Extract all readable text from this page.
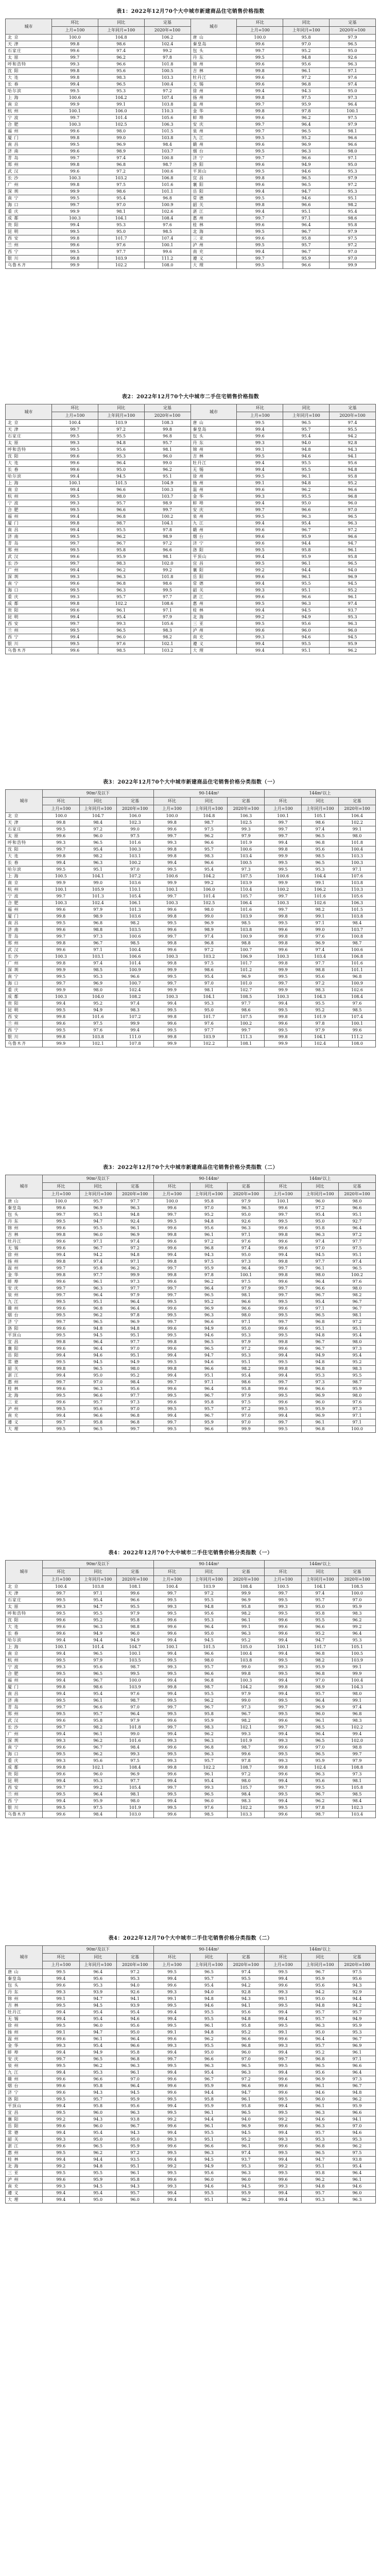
表1：2022年12月70个大中城市新建商品住宅销售价格指数
城市	环比	同比	定基	城市	环比	同比	定基
	上月=100	上年同月=100	2020年=100		上月=100	上年同月=100	2020年=100
北 京	100.0	104.8	106.2	唐 山	100.0	95.8	97.9
天 津	99.8	98.6	102.4	秦皇岛	99.6	97.0	96.5
石家庄	99.6	97.4	99.2	包 头	99.7	95.2	95.0
太 原	99.7	96.2	97.8	丹 东	99.5	94.8	92.6
呼和浩特	99.3	96.6	101.8	锦 州	99.6	95.6	96.3
沈 阳	99.8	95.6	100.5	吉 林	99.8	96.1	97.1
大 连	99.8	98.3	103.3	牡丹江	99.6	97.2	97.6
长 春	99.4	96.5	100.4	无 锡	99.6	96.8	97.4
哈尔滨	99.5	95.3	97.2	徐 州	99.4	94.3	95.0
上 海	100.6	104.2	107.4	扬 州	99.8	97.5	97.3
南 京	99.9	99.1	103.8	温 州	99.7	95.9	96.4
杭 州	100.1	106.0	110.3	金 华	99.8	97.8	100.1
宁 波	99.7	101.4	105.6	蚌 埠	99.6	96.2	97.5
合 肥	100.3	102.5	106.3	安 庆	99.7	96.4	97.9
福 州	99.6	98.0	101.5	泉 州	99.7	96.5	98.1
厦 门	99.8	99.0	103.8	九 江	99.5	95.2	96.6
南 昌	99.5	96.9	98.4	赣 州	99.6	96.9	96.6
济 南	99.6	98.9	103.7	烟 台	99.5	96.3	98.0
青 岛	99.7	97.4	100.8	济 宁	99.7	96.6	97.1
郑 州	99.8	96.8	98.7	洛 阳	99.6	94.9	95.0
武 汉	99.6	97.2	100.6	平顶山	99.5	94.6	95.3
长 沙	100.3	103.2	106.8	宜 昌	99.8	96.5	97.9
广 州	99.8	97.5	101.6	襄 阳	99.6	96.5	97.2
深 圳	99.9	98.6	101.1	岳 阳	99.4	94.7	95.3
南 宁	99.5	95.4	96.8	常 德	99.5	94.6	95.1
海 口	99.7	97.0	100.9	韶 关	99.8	96.6	98.2
重 庆	99.9	98.1	102.6	湛 江	99.4	95.1	95.4
成 都	100.3	104.1	108.4	惠 州	99.7	97.1	98.6
贵 阳	99.4	95.3	97.6	桂 林	99.6	96.4	95.8
昆 明	99.5	95.0	98.5	北 海	99.5	96.7	97.9
西 安	99.8	101.7	107.4	三 亚	99.6	95.8	97.5
兰 州	99.6	97.6	100.1	泸 州	99.5	95.7	97.2
西 宁	99.5	97.7	99.6	南 充	99.4	96.7	97.0
银 川	99.8	103.9	111.2	遵 义	99.7	95.9	97.0
乌鲁木齐	99.9	102.2	108.0	大 理	99.5	96.6	99.9
表2：2022年12月70个大中城市二手住宅销售价格指数
城市	环比	同比	定基	城市	环比	同比	定基
	上月=100	上年同月=100	2020年=100		上月=100	上年同月=100	2020年=100
北 京	100.4	103.9	108.3	唐 山	99.5	96.5	97.4
天 津	99.7	97.2	99.8	秦皇岛	99.4	95.7	95.5
石家庄	99.5	95.5	96.8	包 头	99.6	95.4	94.2
太 原	99.3	94.8	95.7	丹 东	99.3	94.0	92.8
呼和浩特	99.5	95.6	98.1	锦 州	99.1	94.8	94.3
沈 阳	99.6	95.3	96.0	吉 林	99.5	94.6	94.1
大 连	99.6	96.4	99.0	牡丹江	99.4	95.5	95.6
长 春	99.6	95.0	96.2	无 锡	99.4	95.5	94.8
哈尔滨	99.4	94.5	95.1	徐 州	99.5	96.1	95.8
上 海	100.1	101.5	104.9	扬 州	99.1	94.8	95.2
南 京	99.4	96.6	100.3	温 州	99.6	96.2	96.6
杭 州	99.5	98.0	103.7	金 华	99.3	95.5	96.8
宁 波	99.3	95.7	98.9	蚌 埠	99.4	95.0	96.0
合 肥	99.5	96.6	99.7	安 庆	99.7	96.6	97.0
福 州	99.4	96.8	100.2	泉 州	99.5	96.3	96.5
厦 门	99.8	98.7	104.1	九 江	99.4	95.4	96.3
南 昌	99.4	95.5	97.8	赣 州	99.6	96.7	97.2
济 南	99.5	96.2	98.9	烟 台	99.6	95.9	96.6
青 岛	99.7	96.7	97.2	济 宁	99.6	94.4	94.7
郑 州	99.5	95.8	96.6	洛 阳	99.5	95.8	96.1
武 汉	99.6	95.9	98.1	平顶山	99.4	95.9	95.8
长 沙	99.7	98.3	102.0	宜 昌	99.5	96.1	96.5
广 州	99.4	96.2	99.2	襄 阳	99.2	94.4	94.0
深 圳	99.3	96.3	101.8	岳 阳	99.6	96.1	96.9
南 宁	99.6	96.8	98.6	常 德	99.4	95.5	94.5
海 口	99.5	96.3	99.5	韶 关	99.3	95.1	95.2
重 庆	99.3	95.7	97.7	湛 江	99.6	96.6	96.1
成 都	99.8	102.2	108.6	惠 州	99.5	96.3	97.4
贵 阳	99.6	96.1	97.1	桂 林	99.4	94.5	93.7
昆 明	99.4	95.4	97.9	北 海	99.2	94.9	95.3
西 安	99.7	99.3	105.6	三 亚	99.5	95.6	96.3
兰 州	99.5	96.5	98.3	泸 州	99.6	96.0	96.0
西 宁	99.4	96.0	98.2	南 充	99.3	94.6	94.5
银 川	99.5	97.6	102.1	遵 义	99.4	95.5	95.9
乌鲁木齐	99.6	98.5	103.2	大 理	99.4	95.1	96.2
表3：2022年12月70个大中城市新建商品住宅销售价格分类指数（一）
城市	90m²及以下			90-144m²			144m²以上		
	环比	同比	定基	环比	同比	定基	环比	同比	定基
	上月=100	上年同月=100	2020年=100	上月=100	上年同月=100	2020年=100	上月=100	上年同月=100	2020年=100
北 京	100.0	104.7	106.0	100.0	104.8	106.3	100.1	105.1	106.4
天 津	99.8	98.4	102.3	99.8	98.7	102.5	99.7	98.6	102.2
石家庄	99.5	97.2	99.0	99.6	97.5	99.3	99.7	97.4	99.1
太 原	99.6	96.0	97.5	99.7	96.2	97.9	99.7	96.5	98.0
呼和浩特	99.3	96.5	101.6	99.3	96.6	101.9	99.4	96.8	101.8
沈 阳	99.7	95.4	100.3	99.8	95.7	100.6	99.8	95.6	100.4
大 连	99.8	98.2	103.1	99.8	98.3	103.4	99.9	98.5	103.3
长 春	99.4	96.3	100.2	99.4	96.6	100.5	99.5	96.5	100.3
哈尔滨	99.5	95.1	97.0	99.5	95.4	97.3	99.5	95.3	97.1
上 海	100.5	104.1	107.2	100.6	104.2	107.5	100.6	104.4	107.6
南 京	99.9	99.0	103.6	99.9	99.2	103.9	99.9	99.1	103.8
杭 州	100.1	105.9	110.1	100.1	106.0	110.4	100.2	106.2	110.3
宁 波	99.7	101.3	105.4	99.7	101.4	105.7	99.7	101.6	105.6
合 肥	100.3	102.4	106.1	100.3	102.5	106.4	100.3	102.6	106.3
福 州	99.6	97.9	101.3	99.6	98.0	101.6	99.7	98.2	101.5
厦 门	99.8	98.9	103.6	99.8	99.0	103.9	99.8	99.1	103.8
南 昌	99.5	96.8	98.2	99.5	96.9	98.5	99.5	97.1	98.4
济 南	99.6	98.8	103.5	99.6	98.9	103.8	99.6	99.0	103.7
青 岛	99.7	97.3	100.6	99.7	97.4	100.9	99.8	97.6	100.8
郑 州	99.8	96.7	98.5	99.8	96.8	98.8	99.8	96.9	98.7
武 汉	99.6	97.1	100.4	99.6	97.2	100.7	99.6	97.4	100.6
长 沙	100.3	103.1	106.6	100.3	103.2	106.9	100.3	103.4	106.8
广 州	99.8	97.4	101.4	99.8	97.5	101.7	99.8	97.7	101.6
深 圳	99.9	98.5	100.9	99.9	98.6	101.2	99.9	98.8	101.1
南 宁	99.5	95.3	96.6	99.5	95.4	96.9	99.5	95.6	96.8
海 口	99.7	96.9	100.7	99.7	97.0	101.0	99.7	97.2	100.9
重 庆	99.9	98.0	102.4	99.9	98.1	102.7	99.9	98.3	102.6
成 都	100.3	104.0	108.2	100.3	104.1	108.5	100.3	104.3	108.4
贵 阳	99.4	95.2	97.4	99.4	95.3	97.7	99.4	95.5	97.6
昆 明	99.5	94.9	98.3	99.5	95.0	98.6	99.5	95.2	98.5
西 安	99.8	101.6	107.2	99.8	101.7	107.5	99.8	101.9	107.4
兰 州	99.6	97.5	99.9	99.6	97.6	100.2	99.6	97.8	100.1
西 宁	99.5	97.6	99.4	99.5	97.7	99.7	99.5	97.9	99.6
银 川	99.8	103.8	111.0	99.8	103.9	111.3	99.8	104.1	111.2
乌鲁木齐	99.9	102.1	107.8	99.9	102.2	108.1	99.9	102.4	108.0
表3：2022年12月70个大中城市新建商品住宅销售价格分类指数（二）
城市	90m²及以下			90-144m²			144m²以上		
	环比	同比	定基	环比	同比	定基	环比	同比	定基
	上月=100	上年同月=100	2020年=100	上月=100	上年同月=100	2020年=100	上月=100	上年同月=100	2020年=100
唐 山	100.0	95.7	97.7	100.0	95.8	97.9	100.1	96.0	98.0
秦皇岛	99.6	96.9	96.3	99.6	97.0	96.5	99.6	97.2	96.6
包 头	99.7	95.1	94.8	99.7	95.2	95.0	99.7	95.4	95.1
丹 东	99.5	94.7	92.4	99.5	94.8	92.6	99.5	95.0	92.7
锦 州	99.6	95.5	96.1	99.6	95.6	96.3	99.6	95.8	96.4
吉 林	99.8	96.0	96.9	99.8	96.1	97.1	99.8	96.3	97.2
牡丹江	99.6	97.1	97.4	99.6	97.2	97.6	99.6	97.4	97.7
无 锡	99.6	96.7	97.2	99.6	96.8	97.4	99.6	97.0	97.5
徐 州	99.4	94.2	94.8	99.4	94.3	95.0	99.4	94.5	95.1
扬 州	99.8	97.4	97.1	99.8	97.5	97.3	99.8	97.7	97.4
温 州	99.7	95.8	96.2	99.7	95.9	96.4	99.7	96.1	96.5
金 华	99.8	97.7	99.9	99.8	97.8	100.1	99.8	98.0	100.2
蚌 埠	99.6	96.1	97.3	99.6	96.2	97.5	99.6	96.4	97.6
安 庆	99.7	96.3	97.7	99.7	96.4	97.9	99.7	96.6	98.0
泉 州	99.7	96.4	97.9	99.7	96.5	98.1	99.7	96.7	98.2
九 江	99.5	95.1	96.4	99.5	95.2	96.6	99.5	95.4	96.7
赣 州	99.6	96.8	96.4	99.6	96.9	96.6	99.6	97.1	96.7
烟 台	99.5	96.2	97.8	99.5	96.3	98.0	99.5	96.5	98.1
济 宁	99.7	96.5	96.9	99.7	96.6	97.1	99.7	96.8	97.2
洛 阳	99.6	94.8	94.8	99.6	94.9	95.0	99.6	95.1	95.1
平顶山	99.5	94.5	95.1	99.5	94.6	95.3	99.5	94.8	95.4
宜 昌	99.8	96.4	97.7	99.8	96.5	97.9	99.8	96.7	98.0
襄 阳	99.6	96.4	97.0	99.6	96.5	97.2	99.6	96.7	97.3
岳 阳	99.4	94.6	95.1	99.4	94.7	95.3	99.4	94.9	95.4
常 德	99.5	94.5	94.9	99.5	94.6	95.1	99.5	94.8	95.2
韶 关	99.8	96.5	98.0	99.8	96.6	98.2	99.8	96.8	98.3
湛 江	99.4	95.0	95.2	99.4	95.1	95.4	99.4	95.3	95.5
惠 州	99.7	97.0	98.4	99.7	97.1	98.6	99.7	97.3	98.7
桂 林	99.6	96.3	95.6	99.6	96.4	95.8	99.6	96.6	95.9
北 海	99.5	96.6	97.7	99.5	96.7	97.9	99.5	96.9	98.0
三 亚	99.6	95.7	97.3	99.6	95.8	97.5	99.6	96.0	97.6
泸 州	99.5	95.6	97.0	99.5	95.7	97.2	99.5	95.9	97.3
南 充	99.4	96.6	96.8	99.4	96.7	97.0	99.4	96.9	97.1
遵 义	99.7	95.8	96.8	99.7	95.9	97.0	99.7	96.1	97.1
大 理	99.5	96.5	99.7	99.5	96.6	99.9	99.5	96.8	100.0
表4：2022年12月70个大中城市二手住宅销售价格分类指数（一）
城市	90m²及以下			90-144m²			144m²以上		
	环比	同比	定基	环比	同比	定基	环比	同比	定基
	上月=100	上年同月=100	2020年=100	上月=100	上年同月=100	2020年=100	上月=100	上年同月=100	2020年=100
北 京	100.4	103.8	108.1	100.4	103.9	108.4	100.5	104.1	108.5
天 津	99.7	97.1	99.6	99.7	97.2	99.9	99.7	97.4	100.0
石家庄	99.5	95.4	96.6	99.5	95.5	96.9	99.5	95.7	97.0
太 原	99.3	94.7	95.5	99.3	94.8	95.8	99.3	95.0	95.9
呼和浩特	99.5	95.5	97.9	99.5	95.6	98.2	99.5	95.8	98.3
沈 阳	99.6	95.2	95.8	99.6	95.3	96.1	99.6	95.5	96.2
大 连	99.6	96.3	98.8	99.6	96.4	99.1	99.6	96.6	99.2
长 春	99.6	94.9	96.0	99.6	95.0	96.3	99.6	95.2	96.4
哈尔滨	99.4	94.4	94.9	99.4	94.5	95.2	99.4	94.7	95.3
上 海	100.1	101.4	104.7	100.1	101.5	105.0	100.1	101.7	105.1
南 京	99.4	96.5	100.1	99.4	96.6	100.4	99.4	96.8	100.5
杭 州	99.5	97.9	103.5	99.5	98.0	103.8	99.5	98.2	103.9
宁 波	99.3	95.6	98.7	99.3	95.7	99.0	99.3	95.9	99.1
合 肥	99.5	96.5	99.5	99.5	96.6	99.8	99.5	96.8	99.9
福 州	99.4	96.7	100.0	99.4	96.8	100.3	99.4	97.0	100.4
厦 门	99.8	98.6	103.9	99.8	98.7	104.2	99.8	98.9	104.3
南 昌	99.4	95.4	97.6	99.4	95.5	97.9	99.4	95.7	98.0
济 南	99.5	96.1	98.7	99.5	96.2	99.0	99.5	96.4	99.1
青 岛	99.7	96.6	97.0	99.7	96.7	97.3	99.7	96.9	97.4
郑 州	99.5	95.7	96.4	99.5	95.8	96.7	99.5	96.0	96.8
武 汉	99.6	95.8	97.9	99.6	95.9	98.2	99.6	96.1	98.3
长 沙	99.7	98.2	101.8	99.7	98.3	102.1	99.7	98.5	102.2
广 州	99.4	96.1	99.0	99.4	96.2	99.3	99.4	96.4	99.4
深 圳	99.3	96.2	101.6	99.3	96.3	101.9	99.3	96.5	102.0
南 宁	99.6	96.7	98.4	99.6	96.8	98.7	99.6	97.0	98.8
海 口	99.5	96.2	99.3	99.5	96.3	99.6	99.5	96.5	99.7
重 庆	99.3	95.6	97.5	99.3	95.7	97.8	99.3	95.9	97.9
成 都	99.8	102.1	108.4	99.8	102.2	108.7	99.8	102.4	108.8
贵 阳	99.6	96.0	96.9	99.6	96.1	97.2	99.6	96.3	97.3
昆 明	99.4	95.3	97.7	99.4	95.4	98.0	99.4	95.6	98.1
西 安	99.7	99.2	105.4	99.7	99.3	105.7	99.7	99.5	105.8
兰 州	99.5	96.4	98.1	99.5	96.5	98.4	99.5	96.7	98.5
西 宁	99.4	95.9	98.0	99.4	96.0	98.3	99.4	96.2	98.4
银 川	99.5	97.5	101.9	99.5	97.6	102.2	99.5	97.8	102.3
乌鲁木齐	99.6	98.4	103.0	99.6	98.5	103.3	99.6	98.7	103.4
表4：2022年12月70个大中城市二手住宅销售价格分类指数（二）
城市	90m²及以下			90-144m²			144m²以上		
	环比	同比	定基	环比	同比	定基	环比	同比	定基
	上月=100	上年同月=100	2020年=100	上月=100	上年同月=100	2020年=100	上月=100	上年同月=100	2020年=100
唐 山	99.5	96.4	97.2	99.5	96.5	97.4	99.5	96.7	97.5
秦皇岛	99.4	95.6	95.3	99.4	95.7	95.5	99.4	95.9	95.6
包 头	99.6	95.3	94.0	99.6	95.4	94.2	99.6	95.6	94.3
丹 东	99.3	93.9	92.6	99.3	94.0	92.8	99.3	94.2	92.9
锦 州	99.1	94.7	94.1	99.1	94.8	94.3	99.1	95.0	94.4
吉 林	99.5	94.5	93.9	99.5	94.6	94.1	99.5	94.8	94.2
牡丹江	99.4	95.4	95.4	99.4	95.5	95.6	99.4	95.7	95.7
无 锡	99.4	95.4	94.6	99.4	95.5	94.8	99.4	95.7	94.9
徐 州	99.5	96.0	95.6	99.5	96.1	95.8	99.5	96.3	95.9
扬 州	99.1	94.7	95.0	99.1	94.8	95.2	99.1	95.0	95.3
温 州	99.6	96.1	96.4	99.6	96.2	96.6	99.6	96.4	96.7
金 华	99.3	95.4	96.6	99.3	95.5	96.8	99.3	95.7	96.9
蚌 埠	99.4	94.9	95.8	99.4	95.0	96.0	99.4	95.2	96.1
安 庆	99.7	96.5	96.8	99.7	96.6	97.0	99.7	96.8	97.1
泉 州	99.5	96.2	96.3	99.5	96.3	96.5	99.5	96.5	96.6
九 江	99.4	95.3	96.1	99.4	95.4	96.3	99.4	95.6	96.4
赣 州	99.6	96.6	97.0	99.6	96.7	97.2	99.6	96.9	97.3
烟 台	99.6	95.8	96.4	99.6	95.9	96.6	99.6	96.1	96.7
济 宁	99.6	94.3	94.5	99.6	94.4	94.7	99.6	94.6	94.8
洛 阳	99.5	95.7	95.9	99.5	95.8	96.1	99.5	96.0	96.2
平顶山	99.4	95.8	95.6	99.4	95.9	95.8	99.4	96.1	95.9
宜 昌	99.5	96.0	96.3	99.5	96.1	96.5	99.5	96.3	96.6
襄 阳	99.2	94.3	93.8	99.2	94.4	94.0	99.2	94.6	94.1
岳 阳	99.6	96.0	96.7	99.6	96.1	96.9	99.6	96.3	97.0
常 德	99.4	95.4	94.3	99.4	95.5	94.5	99.4	95.7	94.6
韶 关	99.3	95.0	95.0	99.3	95.1	95.2	99.3	95.3	95.3
湛 江	99.6	96.5	95.9	99.6	96.6	96.1	99.6	96.8	96.2
惠 州	99.5	96.2	97.2	99.5	96.3	97.4	99.5	96.5	97.5
桂 林	99.4	94.4	93.5	99.4	94.5	93.7	99.4	94.7	93.8
北 海	99.2	94.8	95.1	99.2	94.9	95.3	99.2	95.1	95.4
三 亚	99.5	95.5	96.1	99.5	95.6	96.3	99.5	95.8	96.4
泸 州	99.6	95.9	95.8	99.6	96.0	96.0	99.6	96.2	96.1
南 充	99.3	94.5	94.3	99.3	94.6	94.5	99.3	94.8	94.6
遵 义	99.4	95.4	95.7	99.4	95.5	95.9	99.4	95.7	96.0
大 理	99.4	95.0	96.0	99.4	95.1	96.2	99.4	95.3	96.3
